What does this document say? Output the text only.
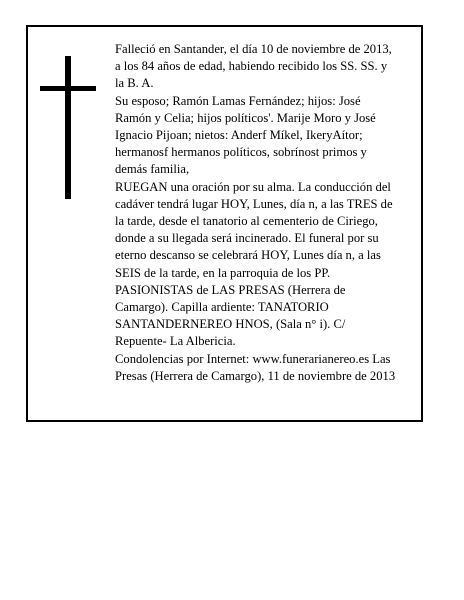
Falleció en Santander, el día 10 de noviembre de 2013,
a los 84 años de edad, habiendo recibido los SS. SS. y
la B. A.
Su esposo; Ramón Lamas Fernández; hijos: José
Ramón y Celia; hijos políticos'. Marije Moro y José
Ignacio Pijoan; nietos: Anderf Míkel, IkeryAítor;
hermanosf hermanos políticos, sobrínost primos y
demás familia,
RUEGAN una oración por su alma. La conducción del
cadáver tendrá lugar HOY, Lunes, día n, a las TRES de
la tarde, desde el tanatorio al cementerio de Ciriego,
donde a su llegada será incinerado. El funeral por su
eterno descanso se celebrará HOY, Lunes día n, a las
SEIS de la tarde, en la parroquia de los PP.
PASIONISTAS de LAS PRESAS (Herrera de
Camargo). Capilla ardiente: TANATORIO
SANTANDERNEREO HNOS, (Sala n° i). C/
Repuente- La Albericia.
Condolencias por Internet: www.funerarianereo.es Las
Presas (Herrera de Camargo), 11 de noviembre de 2013
